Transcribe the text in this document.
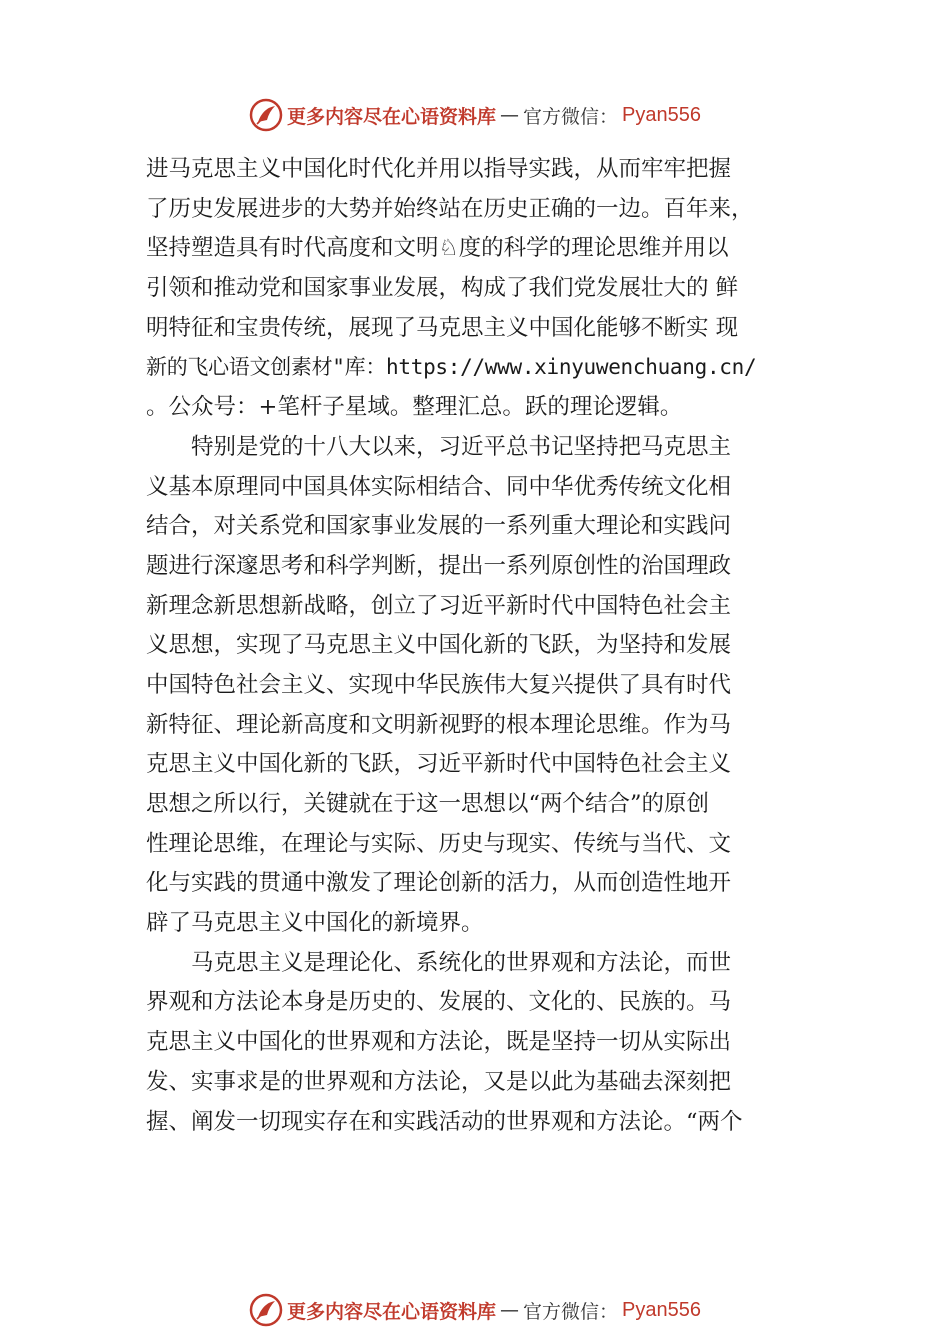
更多内容尽在心语资料库 — 官方微信： Pyan556
进马克思主义中国化时代化并用以指导实践，从而牢牢把握
了历史发展进步的大势并始终站在历史正确的一边。百年来，
坚持塑造具有时代高度和文明♘度的科学的理论思维并用以
引领和推动党和国家事业发展，构成了我们党发展壮大的 鲜
明特征和宝贵传统，展现了马克思主义中国化能够不断实 现
新的飞心语文创素材"库：https://www.xinyuwenchuang.cn/
。公众号：+笔杆子星域。整理汇总。跃的理论逻辑。
　　特别是党的十八大以来，习近平总书记坚持把马克思主
义基本原理同中国具体实际相结合、同中华优秀传统文化相
结合，对关系党和国家事业发展的一系列重大理论和实践问
题进行深邃思考和科学判断，提出一系列原创性的治国理政
新理念新思想新战略，创立了习近平新时代中国特色社会主
义思想，实现了马克思主义中国化新的飞跃，为坚持和发展
中国特色社会主义、实现中华民族伟大复兴提供了具有时代
新特征、理论新高度和文明新视野的根本理论思维。作为马
克思主义中国化新的飞跃，习近平新时代中国特色社会主义
思想之所以行，关键就在于这一思想以“两个结合”的原创
性理论思维，在理论与实际、历史与现实、传统与当代、文
化与实践的贯通中激发了理论创新的活力，从而创造性地开
辟了马克思主义中国化的新境界。
　　马克思主义是理论化、系统化的世界观和方法论，而世
界观和方法论本身是历史的、发展的、文化的、民族的。马
克思主义中国化的世界观和方法论，既是坚持一切从实际出
发、实事求是的世界观和方法论，又是以此为基础去深刻把
握、阐发一切现实存在和实践活动的世界观和方法论。“两个
更多内容尽在心语资料库 — 官方微信： Pyan556
